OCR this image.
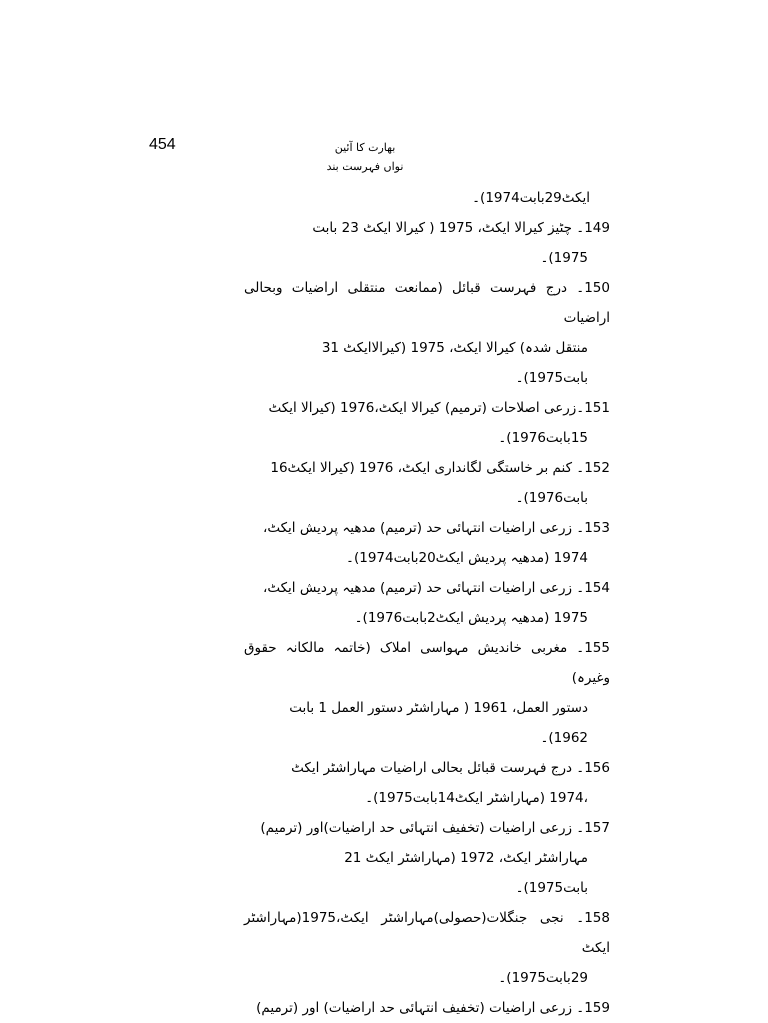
454	بھارت کا آئین
نواں فہرست بند

ایکٹ29بابت1974)۔

149۔ چٹیز کیرالا ایکٹ، 1975 ( کیرالا ایکٹ 23 بابت
1975)۔

150۔ درج فہرست قبائل (ممانعت منتقلی اراضیات وبحالی اراضیات
منتقل شدہ) کیرالا ایکٹ، 1975 (کیرالاایکٹ 31
بابت1975)۔

151۔زرعی اصلاحات (ترمیم) کیرالا ایکٹ،1976 (کیرالا ایکٹ
15بابت1976)۔

152۔ کنم بر خاستگی لگانداری ایکٹ، 1976 (کیرالا ایکٹ16
بابت1976)۔

153۔ زرعی اراضیات انتہائی حد (ترمیم) مدھیہ پردیش ایکٹ،
1974 (مدھیہ پردیش ایکٹ20بابت1974)۔

154۔ زرعی اراضیات انتہائی حد (ترمیم) مدھیہ پردیش ایکٹ،
1975 (مدھیہ پردیش ایکٹ2بابت1976)۔

155۔ مغربی خاندیش مہواسی املاک (خاتمہ مالکانہ حقوق وغیرہ)
دستور العمل، 1961 ( مہاراشٹر دستور العمل 1 بابت
1962)۔

156۔ درج فہرست قبائل بحالی اراضیات مہاراشٹر ایکٹ
،1974 (مہاراشٹر ایکٹ14بابت1975)۔

157۔ زرعی اراضیات (تخفیف انتہائی حد اراضیات)اور (ترمیم)
مہاراشٹر ایکٹ، 1972 (مہاراشٹر ایکٹ 21
بابت1975)۔

158۔ نجی جنگلات(حصولی)مہاراشٹر ایکٹ،1975(مہاراشٹر ایکٹ
29بابت1975)۔

159۔ زرعی اراضیات (تخفیف انتہائی حد اراضیات) اور (ترمیم)
